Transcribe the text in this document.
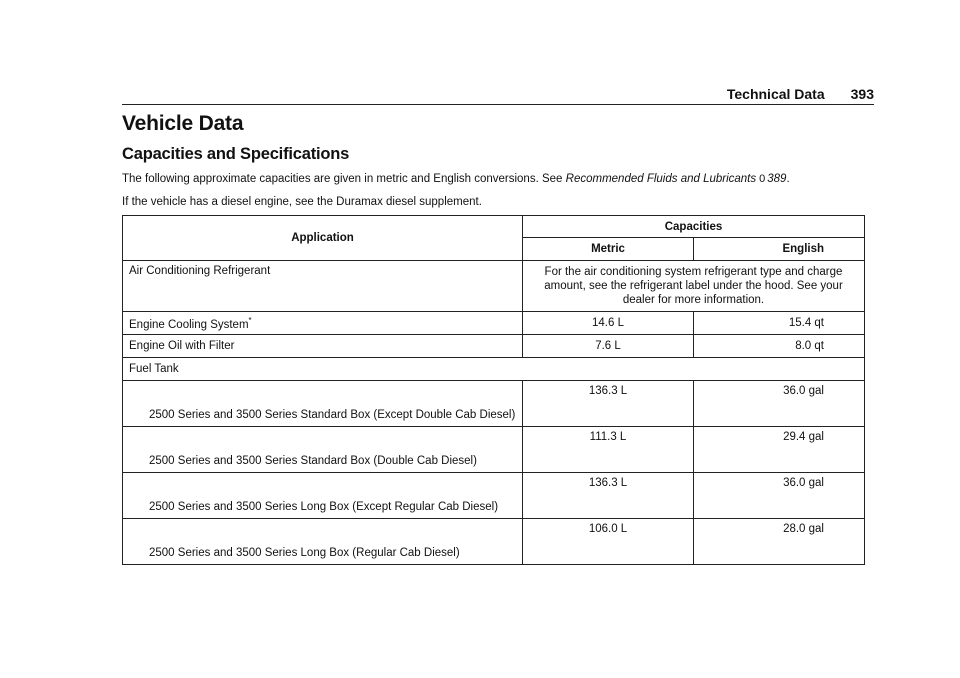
Technical Data 393
Vehicle Data
Capacities and Specifications
The following approximate capacities are given in metric and English conversions. See Recommended Fluids and Lubricants 0 389.
If the vehicle has a diesel engine, see the Duramax diesel supplement.
Application	Capacities	
	Metric	English
Air Conditioning Refrigerant	For the air conditioning system refrigerant type and charge amount, see the refrigerant label under the hood. See your dealer for more information.	
Engine Cooling System*	14.6 L	15.4 qt
Engine Oil with Filter	7.6 L	8.0 qt
Fuel Tank		
2500 Series and 3500 Series Standard Box (Except Double Cab Diesel)	136.3 L	36.0 gal
2500 Series and 3500 Series Standard Box (Double Cab Diesel)	111.3 L	29.4 gal
2500 Series and 3500 Series Long Box (Except Regular Cab Diesel)	136.3 L	36.0 gal
2500 Series and 3500 Series Long Box (Regular Cab Diesel)	106.0 L	28.0 gal
